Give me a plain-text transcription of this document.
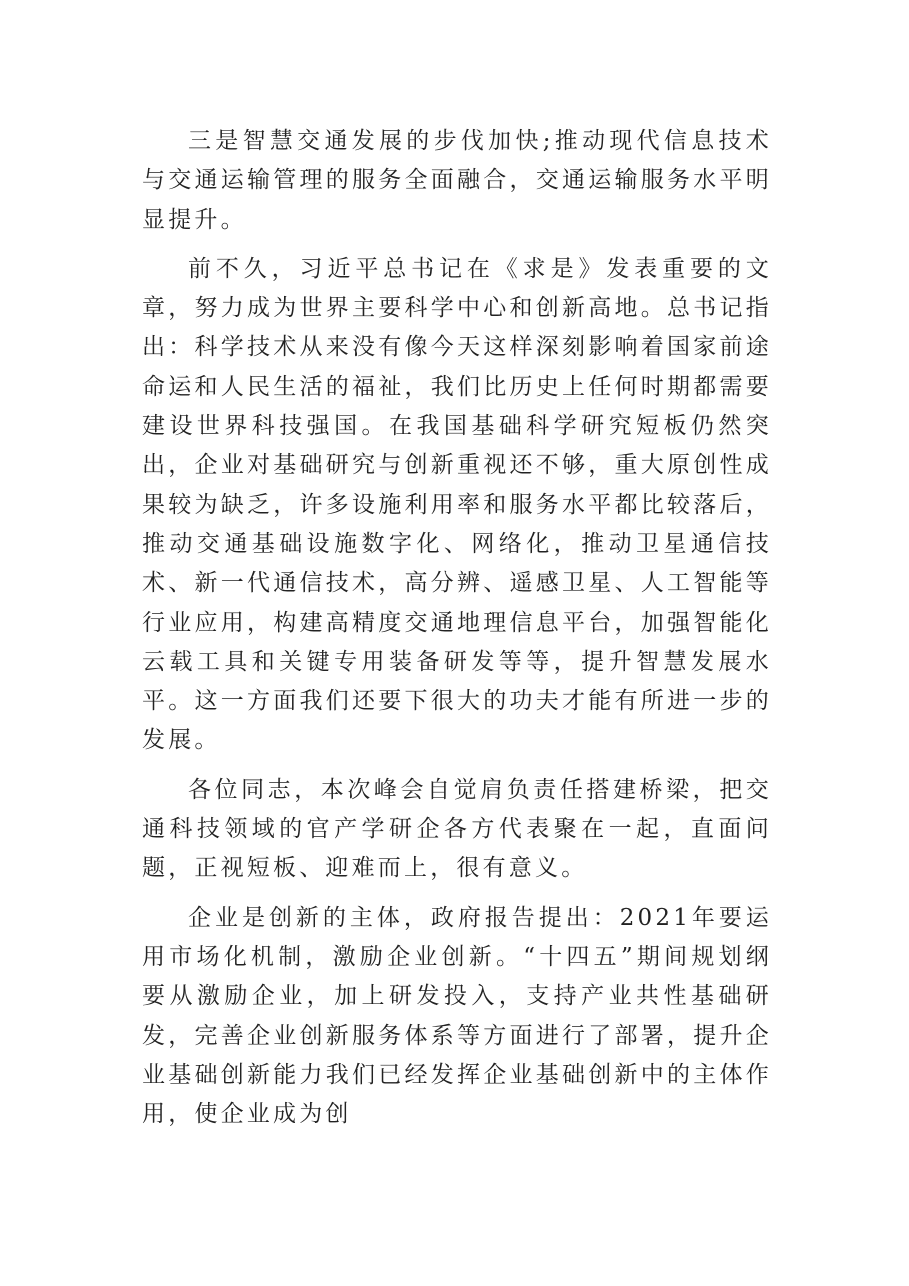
三是智慧交通发展的步伐加快;推动现代信息技术与交通运输管理的服务全面融合，交通运输服务水平明显提升。

前不久，习近平总书记在《求是》发表重要的文章，努力成为世界主要科学中心和创新高地。总书记指出：科学技术从来没有像今天这样深刻影响着国家前途命运和人民生活的福祉，我们比历史上任何时期都需要建设世界科技强国。在我国基础科学研究短板仍然突出，企业对基础研究与创新重视还不够，重大原创性成果较为缺乏，许多设施利用率和服务水平都比较落后，推动交通基础设施数字化、网络化，推动卫星通信技术、新一代通信技术，高分辨、遥感卫星、人工智能等行业应用，构建高精度交通地理信息平台，加强智能化云载工具和关键专用装备研发等等，提升智慧发展水平。这一方面我们还要下很大的功夫才能有所进一步的发展。

各位同志，本次峰会自觉肩负责任搭建桥梁，把交通科技领域的官产学研企各方代表聚在一起，直面问题，正视短板、迎难而上，很有意义。

企业是创新的主体，政府报告提出：2021年要运用市场化机制，激励企业创新。“十四五”期间规划纲要从激励企业，加上研发投入，支持产业共性基础研发，完善企业创新服务体系等方面进行了部署，提升企业基础创新能力我们已经发挥企业基础创新中的主体作用，使企业成为创
